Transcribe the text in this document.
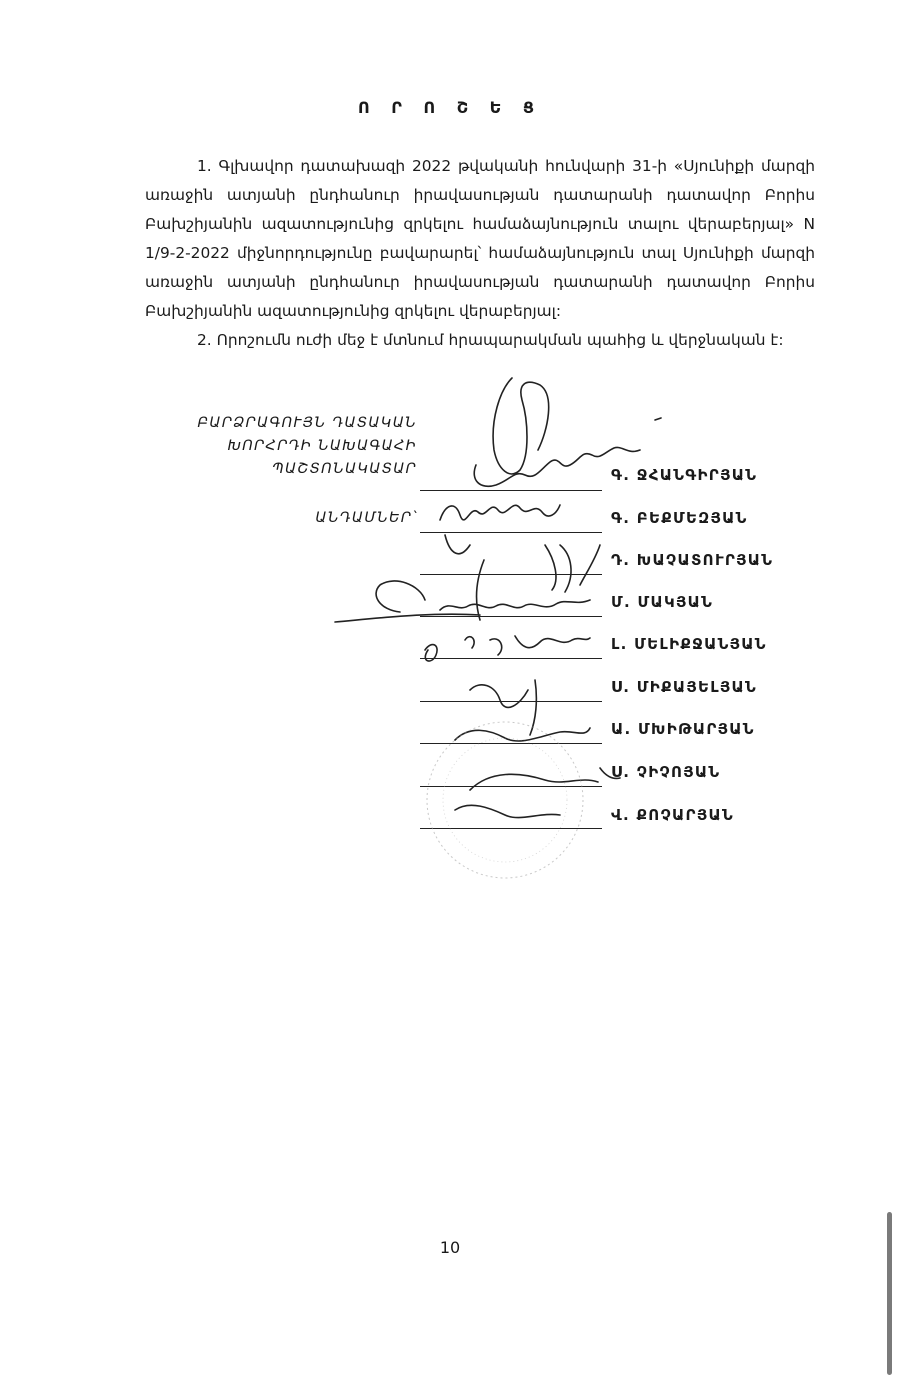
Ո Ր Ո Շ Ե Ց

1. Գլխավոր դատախազի 2022 թվականի հունվարի 31-ի «Սյունիքի մարզի առաջին ատյանի ընդհանուր իրավասության դատարանի դատավոր Բորիս Բախշիյանին ազատությունից զրկելու համաձայնություն տալու վերաբերյալ» N 1/9-2-2022 միջնորդությունը բավարարել՝ համաձայնություն տալ Սյունիքի մարզի առաջին ատյանի ընդհանուր իրավասության դատարանի դատավոր Բորիս Բախշիյանին ազատությունից զրկելու վերաբերյալ:

2. Որոշումն ուժի մեջ է մտնում հրապարակման պահից և վերջնական է:

ԲԱՐՁՐԱԳՈՒՅՆ ԴԱՏԱԿԱՆ
ԽՈՐՀՐԴԻ ՆԱԽԱԳԱՀԻ
ՊԱՇՏՈՆԱԿԱՏԱՐ
ԱՆԴԱՄՆԵՐ՝
Գ. ՋՀԱՆԳԻՐՅԱՆ
Գ. ԲԵՔՄԵԶՅԱՆ
Դ. ԽԱՉԱՏՈՒՐՅԱՆ
Մ. ՄԱԿՅԱՆ
Լ. ՄԵԼԻՔՋԱՆՅԱՆ
Ս. ՄԻՔԱՅԵԼՅԱՆ
Ա. ՄԽԻԹԱՐՅԱՆ
Ս. ՉԻՉՈՅԱՆ
Վ. ՔՈՉԱՐՅԱՆ
10
